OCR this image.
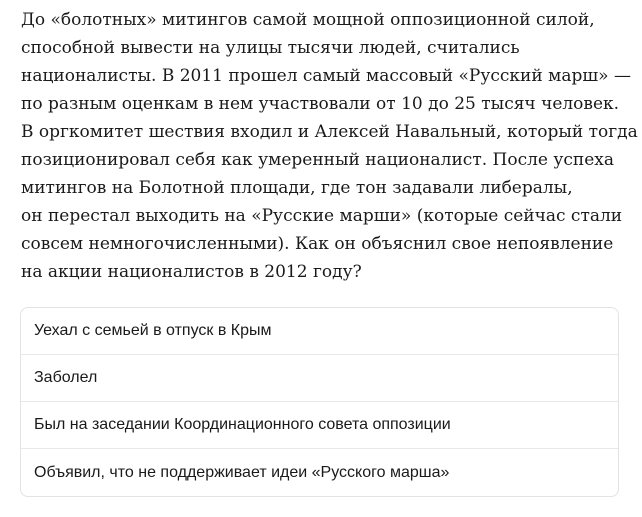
До «болотных» митингов самой мощной оппозиционной силой,
способной вывести на улицы тысячи людей, считались
националисты. В 2011 прошел самый массовый «Русский марш» —
по разным оценкам в нем участвовали от 10 до 25 тысяч человек.
В оргкомитет шествия входил и Алексей Навальный, который тогда
позиционировал себя как умеренный националист. После успеха
митингов на Болотной площади, где тон задавали либералы,
он перестал выходить на «Русские марши» (которые сейчас стали
совсем немногочисленными). Как он объяснил свое непоявление
на акции националистов в 2012 году?
Уехал с семьей в отпуск в Крым
Заболел
Был на заседании Координационного совета оппозиции
Объявил, что не поддерживает идеи «Русского марша»
